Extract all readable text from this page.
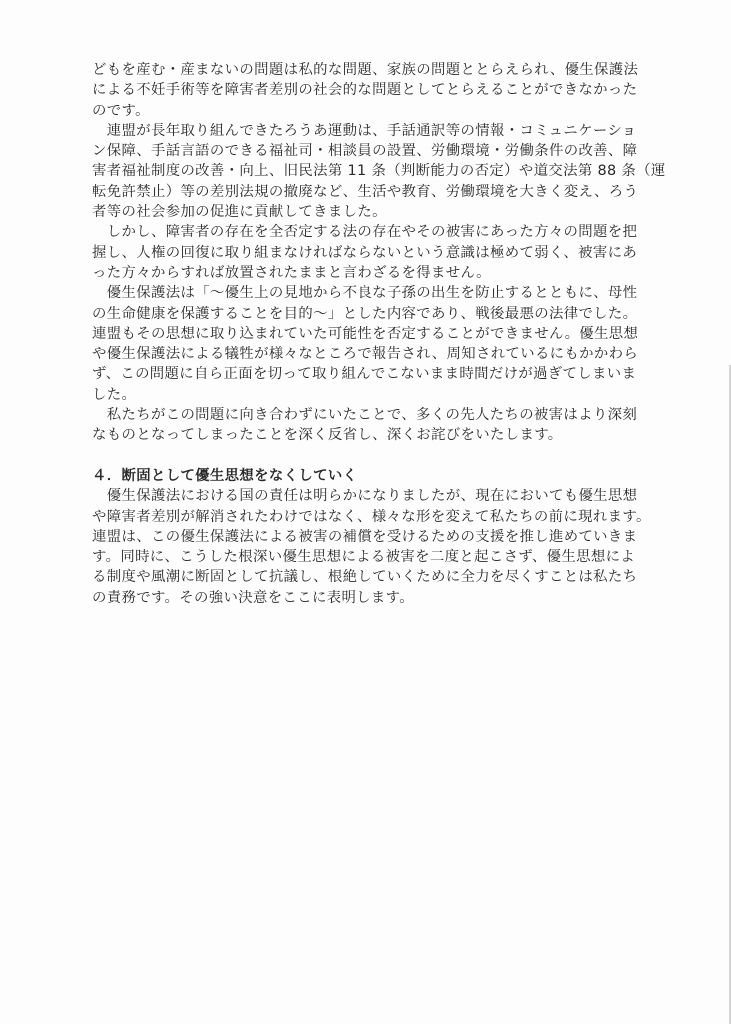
どもを産む・産まないの問題は私的な問題、家族の問題ととらえられ、優生保護法
による不妊手術等を障害者差別の社会的な問題としてとらえることができなかった
のです。
　連盟が長年取り組んできたろうあ運動は、手話通訳等の情報・コミュニケーショ
ン保障、手話言語のできる福祉司・相談員の設置、労働環境・労働条件の改善、障
害者福祉制度の改善・向上、旧民法第 11 条（判断能力の否定）や道交法第 88 条（運
転免許禁止）等の差別法規の撤廃など、生活や教育、労働環境を大きく変え、ろう
者等の社会参加の促進に貢献してきました。
　しかし、障害者の存在を全否定する法の存在やその被害にあった方々の問題を把
握し、人権の回復に取り組まなければならないという意識は極めて弱く、被害にあ
った方々からすれば放置されたままと言わざるを得ません。
　優生保護法は「～優生上の見地から不良な子孫の出生を防止するとともに、母性
の生命健康を保護することを目的～」とした内容であり、戦後最悪の法律でした。
連盟もその思想に取り込まれていた可能性を否定することができません。優生思想
や優生保護法による犠牲が様々なところで報告され、周知されているにもかかわら
ず、この問題に自ら正面を切って取り組んでこないまま時間だけが過ぎてしまいま
した。
　私たちがこの問題に向き合わずにいたことで、多くの先人たちの被害はより深刻
なものとなってしまったことを深く反省し、深くお詫びをいたします。
４．断固として優生思想をなくしていく
　優生保護法における国の責任は明らかになりましたが、現在においても優生思想
や障害者差別が解消されたわけではなく、様々な形を変えて私たちの前に現れます。
連盟は、この優生保護法による被害の補償を受けるための支援を推し進めていきま
す。同時に、こうした根深い優生思想による被害を二度と起こさず、優生思想によ
る制度や風潮に断固として抗議し、根絶していくために全力を尽くすことは私たち
の責務です。その強い決意をここに表明します。
